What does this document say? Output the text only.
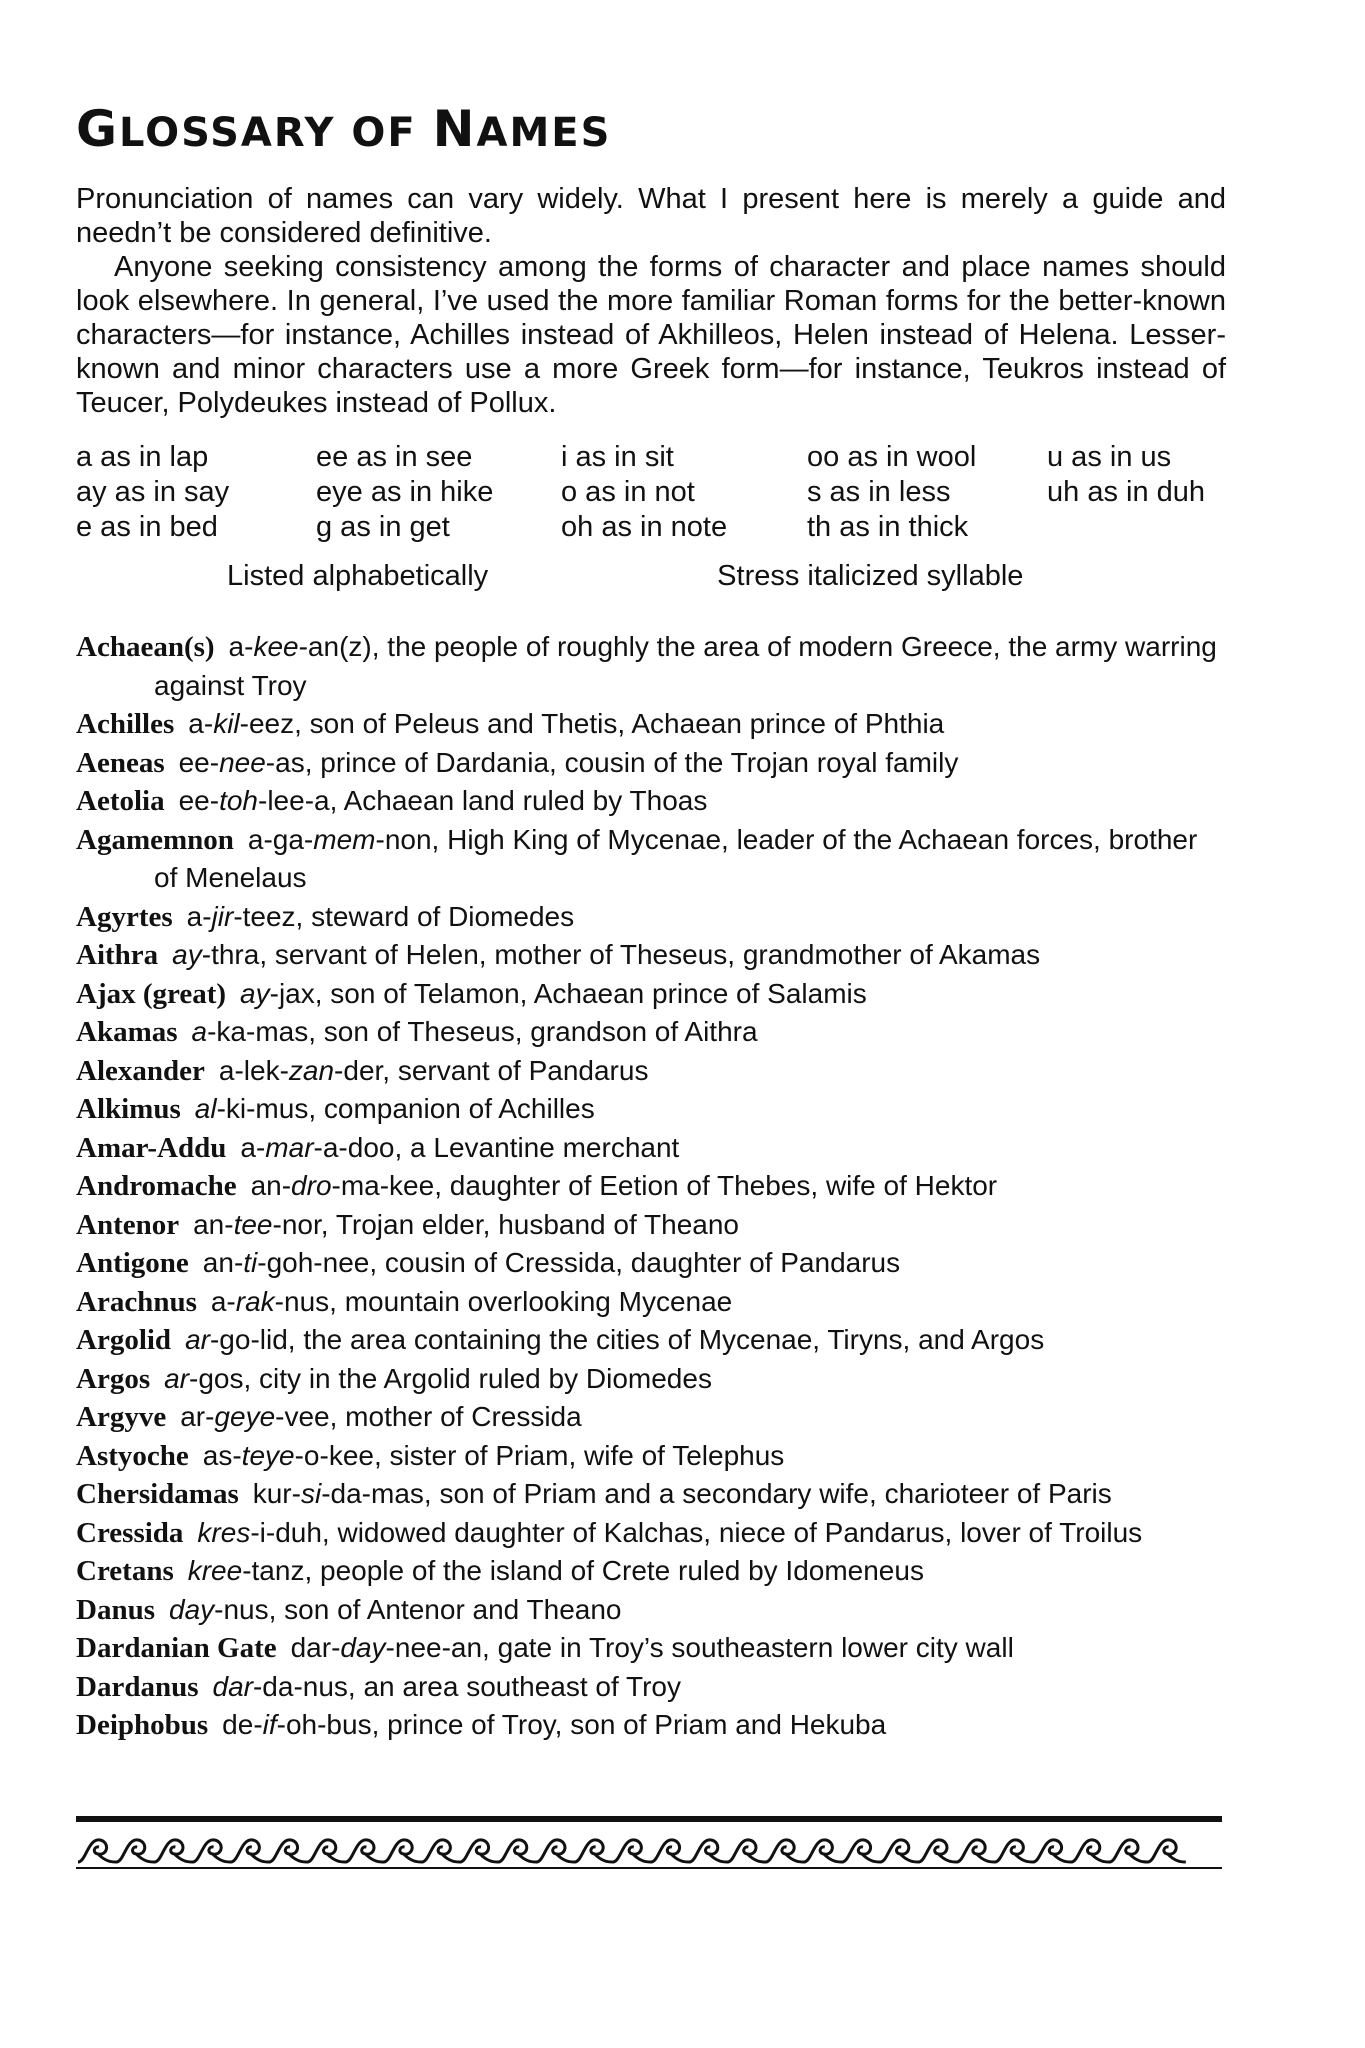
GLOSSARY OF NAMES

Pronunciation of names can vary widely. What I present here is merely a guide and needn’t be considered definitive.

Anyone seeking consistency among the forms of character and place names should look elsewhere. In general, I’ve used the more familiar Roman forms for the better-known characters—for instance, Achilles instead of Akhilleos, Helen instead of Helena. Lesser-known and minor characters use a more Greek form—for instance, Teukros instead of Teucer, Polydeukes instead of Pollux.

a as in lap	ee as in see	i as in sit	oo as in wool	u as in us
ay as in say	eye as in hike	o as in not	s as in less	uh as in duh
e as in bed	g as in get	oh as in note	th as in thick
Listed alphabetically	Stress italicized syllable
Achaean(s)  a-kee-an(z), the people of roughly the area of modern Greece, the army warring against Troy
Achilles  a-kil-eez, son of Peleus and Thetis, Achaean prince of Phthia
Aeneas  ee-nee-as, prince of Dardania, cousin of the Trojan royal family
Aetolia  ee-toh-lee-a, Achaean land ruled by Thoas
Agamemnon  a-ga-mem-non, High King of Mycenae, leader of the Achaean forces, brother of Menelaus
Agyrtes  a-jir-teez, steward of Diomedes
Aithra  ay-thra, servant of Helen, mother of Theseus, grandmother of Akamas
Ajax (great)  ay-jax, son of Telamon, Achaean prince of Salamis
Akamas  a-ka-mas, son of Theseus, grandson of Aithra
Alexander  a-lek-zan-der, servant of Pandarus
Alkimus  al-ki-mus, companion of Achilles
Amar-Addu  a-mar-a-doo, a Levantine merchant
Andromache  an-dro-ma-kee, daughter of Eetion of Thebes, wife of Hektor
Antenor  an-tee-nor, Trojan elder, husband of Theano
Antigone  an-ti-goh-nee, cousin of Cressida, daughter of Pandarus
Arachnus  a-rak-nus, mountain overlooking Mycenae
Argolid  ar-go-lid, the area containing the cities of Mycenae, Tiryns, and Argos
Argos  ar-gos, city in the Argolid ruled by Diomedes
Argyve  ar-geye-vee, mother of Cressida
Astyoche  as-teye-o-kee, sister of Priam, wife of Telephus
Chersidamas  kur-si-da-mas, son of Priam and a secondary wife, charioteer of Paris
Cressida  kres-i-duh, widowed daughter of Kalchas, niece of Pandarus, lover of Troilus
Cretans  kree-tanz, people of the island of Crete ruled by Idomeneus
Danus  day-nus, son of Antenor and Theano
Dardanian Gate  dar-day-nee-an, gate in Troy’s southeastern lower city wall
Dardanus  dar-da-nus, an area southeast of Troy
Deiphobus  de-if-oh-bus, prince of Troy, son of Priam and Hekuba
